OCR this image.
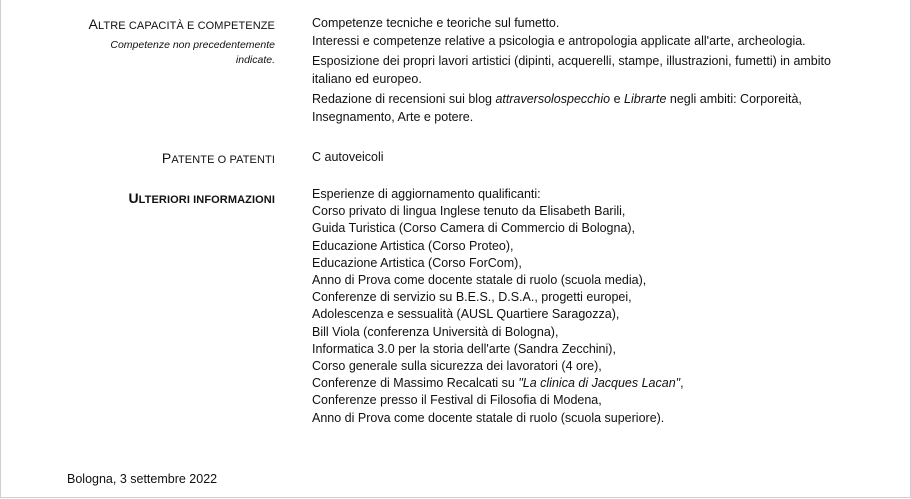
ALTRE CAPACITÀ E COMPETENZE
Competenze non precedentemente indicate.

Competenze tecniche e teoriche sul fumetto.

Interessi e competenze relative a psicologia e antropologia applicate all'arte, archeologia.

Esposizione dei propri lavori artistici (dipinti, acquerelli, stampe, illustrazioni, fumetti) in ambito italiano ed europeo.

Redazione di recensioni sui blog attraversolospecchio e Librarte negli ambiti: Corporeità, Insegnamento, Arte e potere.

PATENTE O PATENTI	C autoveicoli

ULTERIORI INFORMAZIONI	Esperienze di aggiornamento qualificanti:

Corso privato di lingua Inglese tenuto da Elisabeth Barili,

Guida Turistica (Corso Camera di Commercio di Bologna),

Educazione Artistica (Corso Proteo),

Educazione Artistica (Corso ForCom),

Anno di Prova come docente statale di ruolo (scuola media),

Conferenze di servizio su B.E.S., D.S.A., progetti europei,

Adolescenza e sessualità (AUSL Quartiere Saragozza),

Bill Viola (conferenza Università di Bologna),

Informatica 3.0 per la storia dell'arte (Sandra Zecchini),

Corso generale sulla sicurezza dei lavoratori (4 ore),

Conferenze di Massimo Recalcati su "La clinica di Jacques Lacan",

Conferenze presso il Festival di Filosofia di Modena,

Anno di Prova come docente statale di ruolo (scuola superiore).

Bologna, 3 settembre 2022
